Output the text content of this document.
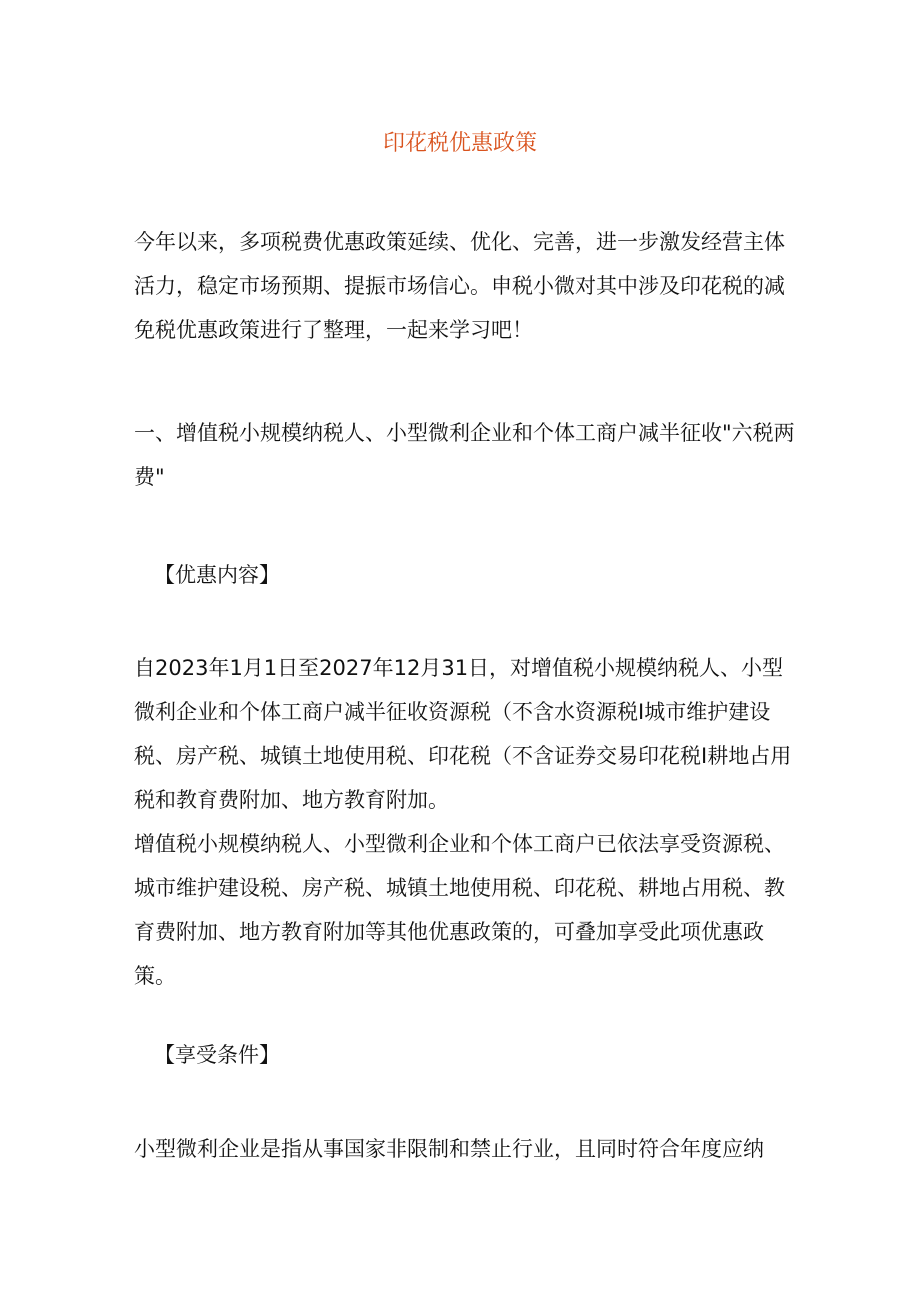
印花税优惠政策

今年以来，多项税费优惠政策延续、优化、完善，进一步激发经营主体活力，稳定市场预期、提振市场信心。申税小微对其中涉及印花税的减免税优惠政策进行了整理，一起来学习吧！

一、增值税小规模纳税人、小型微利企业和个体工商户减半征收"六税两费"

【优惠内容】

自2023年1月1日至2027年12月31日，对增值税小规模纳税人、小型微利企业和个体工商户减半征收资源税（不含水资源税I城市维护建设税、房产税、城镇土地使用税、印花税（不含证券交易印花税I耕地占用税和教育费附加、地方教育附加。

增值税小规模纳税人、小型微利企业和个体工商户已依法享受资源税、城市维护建设税、房产税、城镇土地使用税、印花税、耕地占用税、教育费附加、地方教育附加等其他优惠政策的，可叠加享受此项优惠政策。

【享受条件】

小型微利企业是指从事国家非限制和禁止行业，且同时符合年度应纳
